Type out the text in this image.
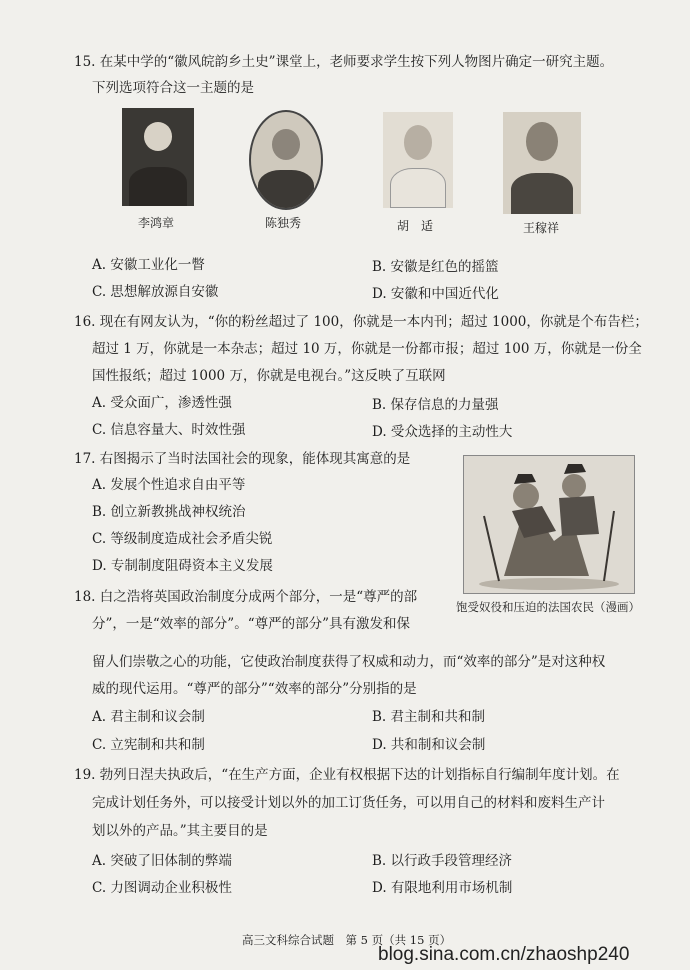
15. 在某中学的“徽风皖韵乡土史”课堂上，老师要求学生按下列人物图片确定一研究主题。
下列选项符合这一主题的是
李鸿章	陈独秀	胡　适	王稼祥
A. 安徽工业化一瞥	B. 安徽是红色的摇篮
C. 思想解放源自安徽	D. 安徽和中国近代化
16. 现在有网友认为，“你的粉丝超过了 100，你就是一本内刊；超过 1000，你就是个布告栏；
超过 1 万，你就是一本杂志；超过 10 万，你就是一份都市报；超过 100 万，你就是一份全
国性报纸；超过 1000 万，你就是电视台。”这反映了互联网
A. 受众面广，渗透性强	B. 保存信息的力量强
C. 信息容量大、时效性强	D. 受众选择的主动性大
17. 右图揭示了当时法国社会的现象，能体现其寓意的是
A. 发展个性追求自由平等
B. 创立新教挑战神权统治
C. 等级制度造成社会矛盾尖锐
D. 专制制度阻碍资本主义发展
饱受奴役和压迫的法国农民（漫画）
18. 白之浩将英国政治制度分成两个部分，一是“尊严的部
分”，一是“效率的部分”。“尊严的部分”具有激发和保
留人们崇敬之心的功能，它使政治制度获得了权威和动力，而“效率的部分”是对这种权
威的现代运用。“尊严的部分”“效率的部分”分别指的是
A. 君主制和议会制	B. 君主制和共和制
C. 立宪制和共和制	D. 共和制和议会制
19. 勃列日涅夫执政后，“在生产方面，企业有权根据下达的计划指标自行编制年度计划。在
完成计划任务外，可以接受计划以外的加工订货任务，可以用自己的材料和废料生产计
划以外的产品。”其主要目的是
A. 突破了旧体制的弊端	B. 以行政手段管理经济
C. 力图调动企业积极性	D. 有限地利用市场机制
高三文科综合试题　第 5 页（共 15 页）
blog.sina.com.cn/zhaoshp240
